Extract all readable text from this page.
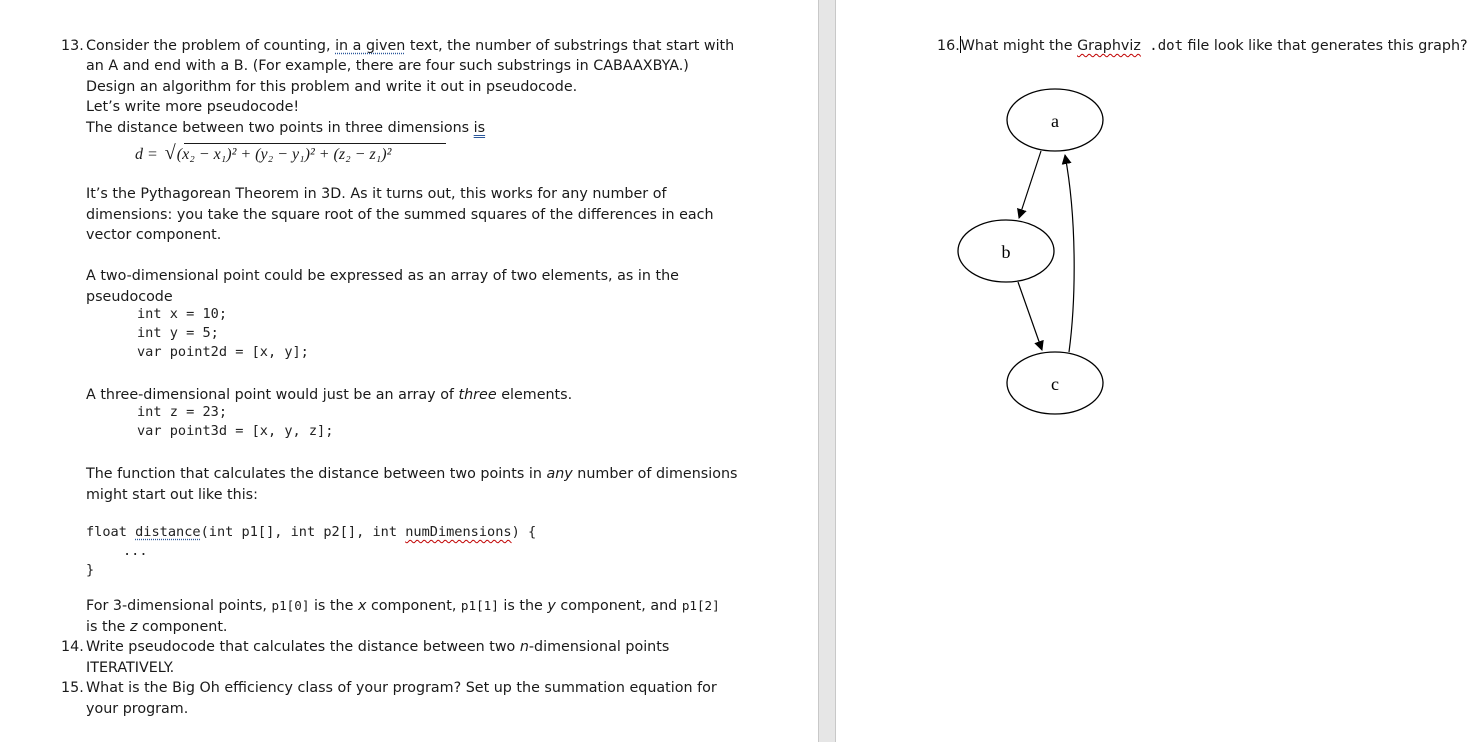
13. Consider the problem of counting, in a given text, the number of substrings that start with
an A and end with a B. (For example, there are four such substrings in CABAAXBYA.)
Design an algorithm for this problem and write it out in pseudocode.
Let’s write more pseudocode!
The distance between two points in three dimensions is
d = √(x₂ − x₁)² + (y₂ − y₁)² + (z₂ − z₁)²
It’s the Pythagorean Theorem in 3D. As it turns out, this works for any number of
dimensions: you take the square root of the summed squares of the differences in each
vector component.
A two-dimensional point could be expressed as an array of two elements, as in the
pseudocode
int x = 10;
int y = 5;
var point2d = [x, y];
A three-dimensional point would just be an array of three elements.
int z = 23;
var point3d = [x, y, z];
The function that calculates the distance between two points in any number of dimensions
might start out like this:
float distance(int p1[], int p2[], int numDimensions) {
...
}
For 3-dimensional points, p1[0] is the x component, p1[1] is the y component, and p1[2]
is the z component.
14. Write pseudocode that calculates the distance between two n-dimensional points
ITERATIVELY.
15. What is the Big Oh efficiency class of your program? Set up the summation equation for
your program.
16.What might the Graphviz .dot file look like that generates this graph?
a
b
c
